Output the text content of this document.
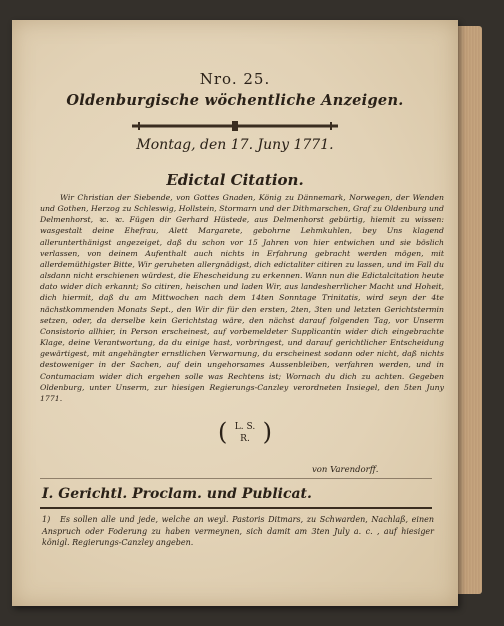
Nro. 25.
Oldenburgische wöchentliche Anzeigen.
Montag, den 17. Juny 1771.
Edictal Citation.
Wir Christian der Siebende, von Gottes Gnaden, König zu Dännemark, Norwegen, der Wenden und Gothen, Herzog zu Schleswig, Hollstein, Stormarn und der Dithmarschen, Graf zu Oldenburg und Delmenhorst, ꝛc. ꝛc. Fügen dir Gerhard Hüstede, aus Delmenhorst gebürtig, hiemit zu wissen: wasgestalt deine Ehefrau, Alett Margarete, gebohrne Lehmkuhlen, bey Uns klagend allerunterthänigst angezeiget, daß du schon vor 15 Jahren von hier entwichen und sie böslich verlassen, von deinem Aufenthalt auch nichts in Erfahrung gebracht werden mögen, mit allerdemüthigster Bitte, Wir geruheten allergnädigst, dich edictaliter citiren zu lassen, und im Fall du alsdann nicht erschienen würdest, die Ehescheidung zu erkennen. Wann nun die Edictalcitation heute dato wider dich erkannt; So citiren, heischen und laden Wir, aus landesherrlicher Macht und Hoheit, dich hiermit, daß du am Mittwochen nach dem 14ten Sonntage Trinitatis, wird seyn der 4te nächstkommenden Monats Sept., den Wir dir für den ersten, 2ten, 3ten und letzten Gerichtstermin setzen, oder, da derselbe kein Gerichtstag wäre, den nächst darauf folgenden Tag, vor Unserm Consistorio allhier, in Person erscheinest, auf vorbemeldeter Supplicantin wider dich eingebrachte Klage, deine Verantwortung, da du einige hast, vorbringest, und darauf gerichtlicher Entscheidung gewärtigest, mit angehängter ernstlichen Verwarnung, du erscheinest sodann oder nicht, daß nichts destoweniger in der Sachen, auf dein ungehorsames Aussenbleiben, verfahren werden, und in Contumaciam wider dich ergehen solle was Rechtens ist; Wornach du dich zu achten. Gegeben Oldenburg, unter Unserm, zur hiesigen Regierungs-Canzley verordneten Insiegel, den 5ten Juny 1771.
( L. S.
R. )
von Varendorff.
I. Gerichtl. Proclam. und Publicat.
1) Es sollen alle und jede, welche an weyl. Pastoris Ditmars, zu Schwarden, Nachlaß, einen Anspruch oder Foderung zu haben vermeynen, sich damit am 3ten July a. c. , auf hiesiger königl. Regierungs-Canzley angeben.
